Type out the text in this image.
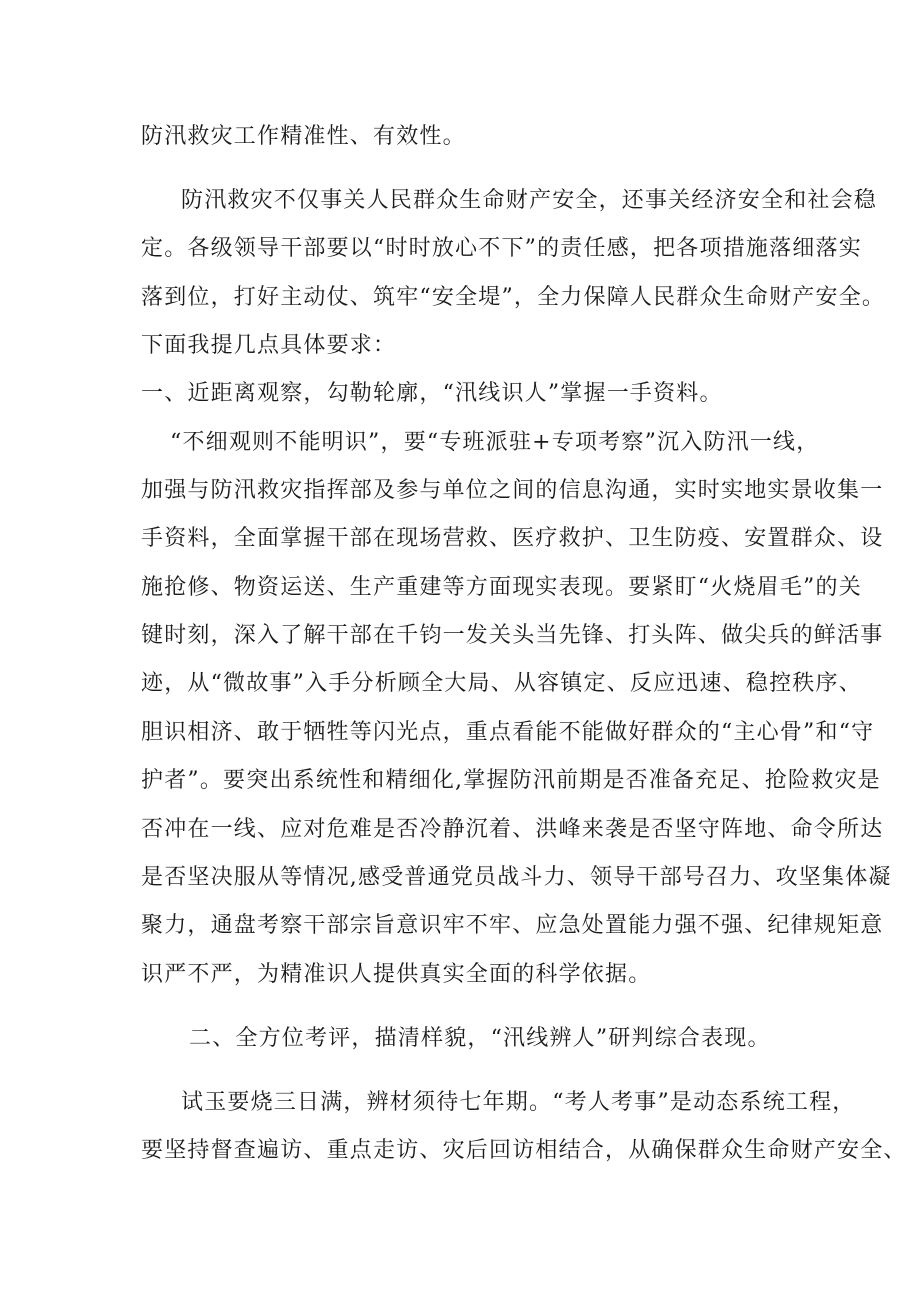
防汛救灾工作精准性、有效性。
防汛救灾不仅事关人民群众生命财产安全，还事关经济安全和社会稳
定。各级领导干部要以“时时放心不下”的责任感，把各项措施落细落实
落到位，打好主动仗、筑牢“安全堤”，全力保障人民群众生命财产安全。
下面我提几点具体要求：
一、近距离观察，勾勒轮廓，“汛线识人”掌握一手资料。
“不细观则不能明识”，要“专班派驻+专项考察”沉入防汛一线，
加强与防汛救灾指挥部及参与单位之间的信息沟通，实时实地实景收集一
手资料，全面掌握干部在现场营救、医疗救护、卫生防疫、安置群众、设
施抢修、物资运送、生产重建等方面现实表现。要紧盯“火烧眉毛”的关
键时刻，深入了解干部在千钧一发关头当先锋、打头阵、做尖兵的鲜活事
迹，从“微故事”入手分析顾全大局、从容镇定、反应迅速、稳控秩序、
胆识相济、敢于牺牲等闪光点，重点看能不能做好群众的“主心骨”和“守
护者”。要突出系统性和精细化,掌握防汛前期是否准备充足、抢险救灾是
否冲在一线、应对危难是否冷静沉着、洪峰来袭是否坚守阵地、命令所达
是否坚决服从等情况,感受普通党员战斗力、领导干部号召力、攻坚集体凝
聚力，通盘考察干部宗旨意识牢不牢、应急处置能力强不强、纪律规矩意
识严不严，为精准识人提供真实全面的科学依据。
二、全方位考评，描清样貌，“汛线辨人”研判综合表现。
试玉要烧三日满，辨材须待七年期。“考人考事”是动态系统工程，
要坚持督查遍访、重点走访、灾后回访相结合，从确保群众生命财产安全、
